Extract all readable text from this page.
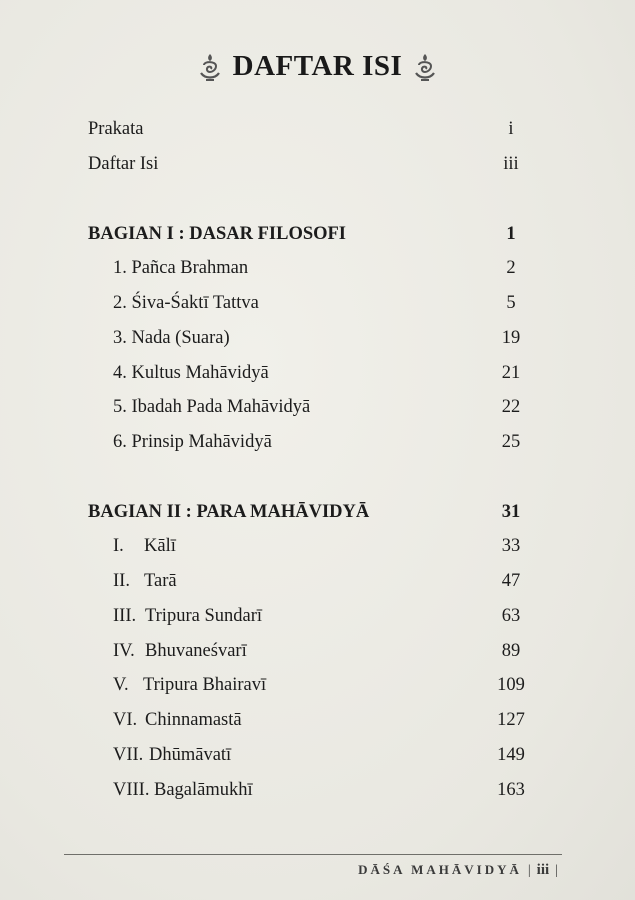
DAFTAR ISI
Prakata	i
Daftar Isi	iii
BAGIAN I : DASAR FILOSOFI	1
1. Pañca Brahman	2
2. Śiva-Śaktī Tattva	5
3. Nada (Suara)	19
4. Kultus Mahāvidyā	21
5. Ibadah Pada Mahāvidyā	22
6. Prinsip Mahāvidyā	25
BAGIAN II : PARA MAHĀVIDYĀ	31
I. Kālī	33
II. Tarā	47
III. Tripura Sundarī	63
IV. Bhuvaneśvarī	89
V. Tripura Bhairavī	109
VI. Chinnamastā	127
VII. Dhūmāvatī	149
VIII. Bagalāmukhī	163
DĀŚA MAHĀVIDYĀ | iii |
